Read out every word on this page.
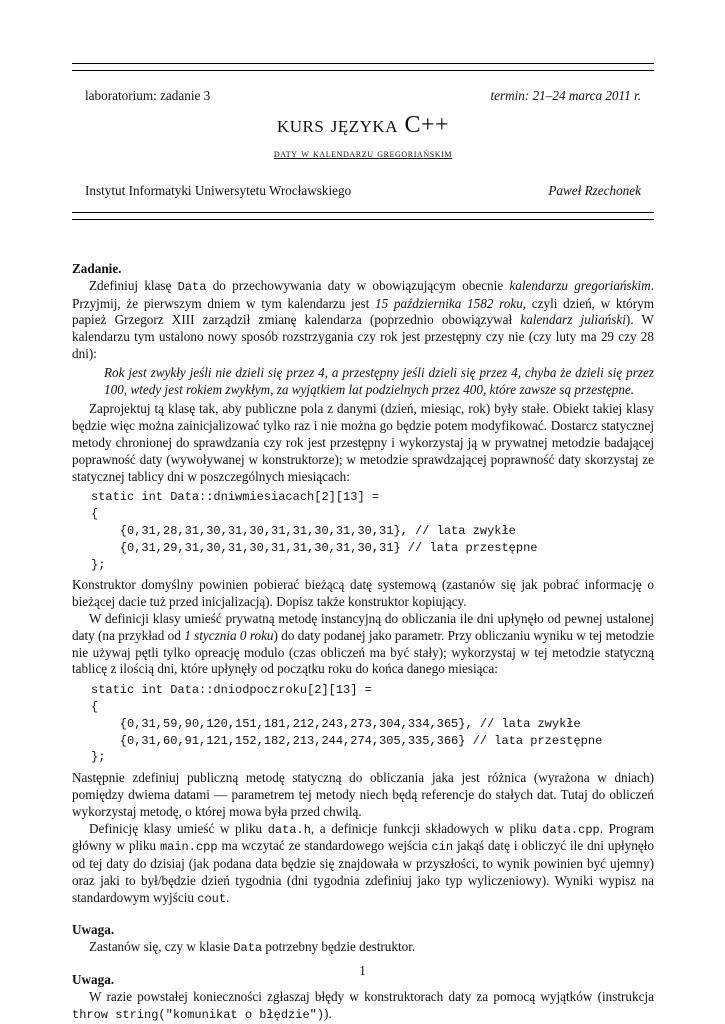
laboratorium: zadanie 3	termin: 21–24 marca 2011 r.
kurs języka C++
daty w kalendarzu gregoriańskim
Instytut Informatyki Uniwersytetu Wrocławskiego	Paweł Rzechonek

Zadanie.

Zdefiniuj klasę Data do przechowywania daty w obowiązującym obecnie kalendarzu gregoriańskim. Przyjmij, że pierwszym dniem w tym kalendarzu jest 15 października 1582 roku, czyli dzień, w którym papież Grzegorz XIII zarządził zmianę kalendarza (poprzednio obowiązywał kalendarz juliański). W kalendarzu tym ustalono nowy sposób rozstrzygania czy rok jest przestępny czy nie (czy luty ma 29 czy 28 dni):

Rok jest zwykły jeśli nie dzieli się przez 4, a przestępny jeśli dzieli się przez 4, chyba że dzieli się przez 100, wtedy jest rokiem zwykłym, za wyjątkiem lat podzielnych przez 400, które zawsze są przestępne.

Zaprojektuj tą klasę tak, aby publiczne pola z danymi (dzień, miesiąc, rok) były stałe. Obiekt takiej klasy będzie więc można zainicjalizować tylko raz i nie można go będzie potem modyfikować. Dostarcz statycznej metody chronionej do sprawdzania czy rok jest przestępny i wykorzystaj ją w prywatnej metodzie badającej poprawność daty (wywoływanej w konstruktorze); w metodzie sprawdzającej poprawność daty skorzystaj ze statycznej tablicy dni w poszczególnych miesiącach:

static int Data::dniwmiesiacach[2][13] =
{
{0,31,28,31,30,31,30,31,31,30,31,30,31}, // lata zwykłe
{0,31,29,31,30,31,30,31,31,30,31,30,31} // lata przestępne
};

Konstruktor domyślny powinien pobierać bieżącą datę systemową (zastanów się jak pobrać informację o bieżącej dacie tuż przed inicjalizacją). Dopisz także konstruktor kopiujący.

W definicji klasy umieść prywatną metodę instancyjną do obliczania ile dni upłynęło od pewnej ustalonej daty (na przykład od 1 stycznia 0 roku) do daty podanej jako parametr. Przy obliczaniu wyniku w tej metodzie nie używaj pętli tylko opreację modulo (czas obliczeń ma być stały); wykorzystaj w tej metodzie statyczną tablicę z ilością dni, które upłynęły od początku roku do końca danego miesiąca:

static int Data::dniodpoczroku[2][13] =
{
{0,31,59,90,120,151,181,212,243,273,304,334,365}, // lata zwykłe
{0,31,60,91,121,152,182,213,244,274,305,335,366} // lata przestępne
};

Następnie zdefiniuj publiczną metodę statyczną do obliczania jaka jest różnica (wyrażona w dniach) pomiędzy dwiema datami — parametrem tej metody niech będą referencje do stałych dat. Tutaj do obliczeń wykorzystaj metodę, o której mowa była przed chwilą.

Definicję klasy umieść w pliku data.h, a definicje funkcji składowych w pliku data.cpp. Program główny w pliku main.cpp ma wczytać ze standardowego wejścia cin jakąś datę i obliczyć ile dni upłynęło od tej daty do dzisiaj (jak podana data będzie się znajdowała w przyszłości, to wynik powinien być ujemny) oraz jaki to był/będzie dzień tygodnia (dni tygodnia zdefiniuj jako typ wyliczeniowy). Wyniki wypisz na standardowym wyjściu cout.

Uwaga.

Zastanów się, czy w klasie Data potrzebny będzie destruktor.

Uwaga.

W razie powstałej konieczności zgłaszaj błędy w konstruktorach daty za pomocą wyjątków (instrukcja throw string("komunikat o błędzie")).

1
